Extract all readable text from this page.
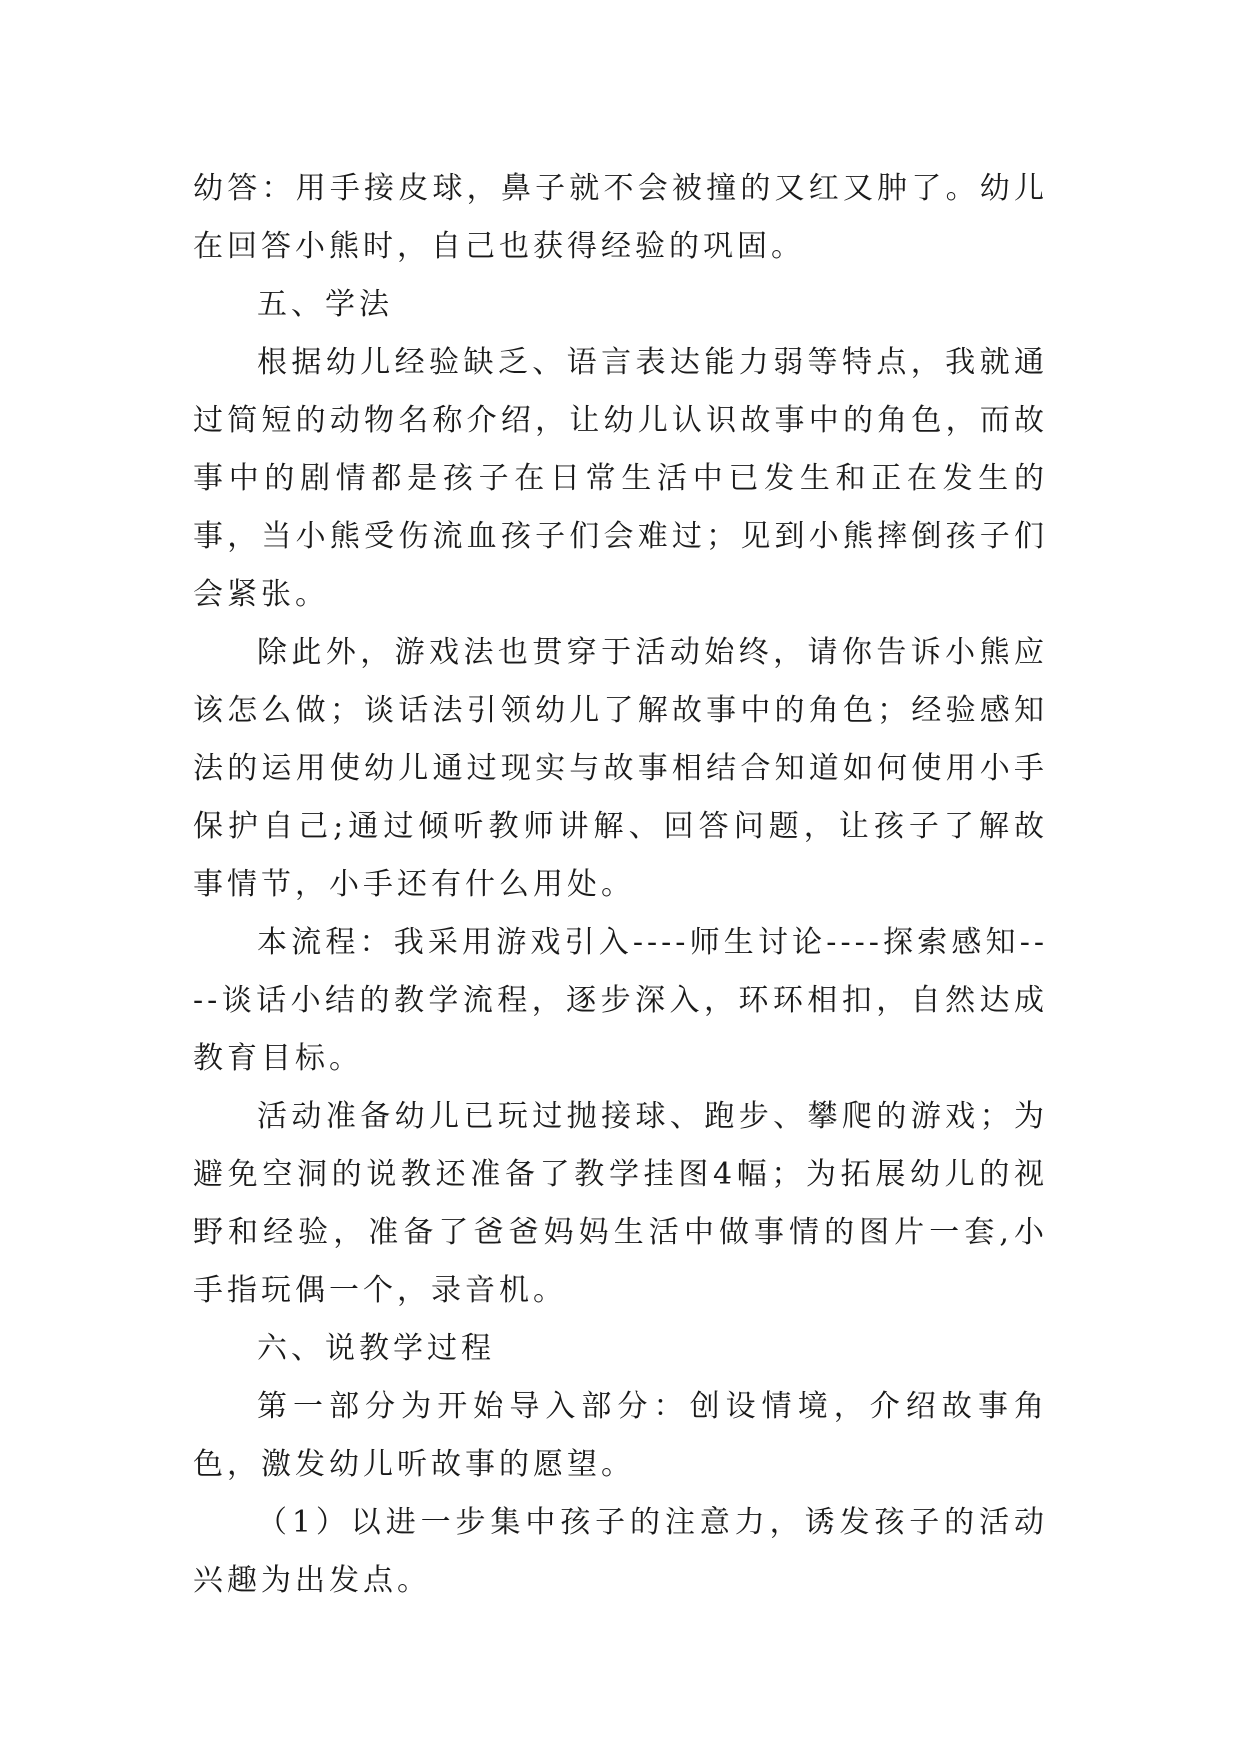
幼答：用手接皮球，鼻子就不会被撞的又红又肿了。幼儿在回答小熊时，自己也获得经验的巩固。

五、学法

根据幼儿经验缺乏、语言表达能力弱等特点，我就通过简短的动物名称介绍，让幼儿认识故事中的角色，而故事中的剧情都是孩子在日常生活中已发生和正在发生的事，当小熊受伤流血孩子们会难过；见到小熊摔倒孩子们会紧张。

除此外，游戏法也贯穿于活动始终，请你告诉小熊应该怎么做；谈话法引领幼儿了解故事中的角色；经验感知法的运用使幼儿通过现实与故事相结合知道如何使用小手保护自己;通过倾听教师讲解、回答问题，让孩子了解故事情节，小手还有什么用处。

本流程：我采用游戏引入----师生讨论----探索感知----谈话小结的教学流程，逐步深入，环环相扣，自然达成教育目标。

活动准备幼儿已玩过抛接球、跑步、攀爬的游戏；为避免空洞的说教还准备了教学挂图4幅；为拓展幼儿的视野和经验，准备了爸爸妈妈生活中做事情的图片一套,小手指玩偶一个，录音机。

六、说教学过程

第一部分为开始导入部分：创设情境，介绍故事角色，激发幼儿听故事的愿望。

（1）以进一步集中孩子的注意力，诱发孩子的活动兴趣为出发点。
